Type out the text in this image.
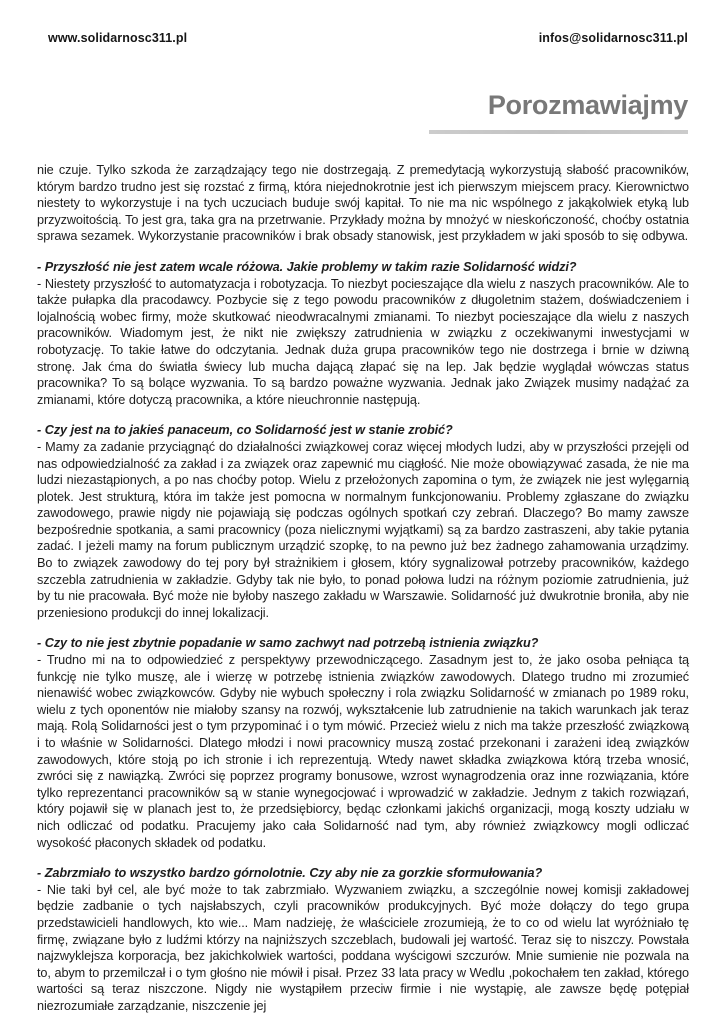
www.solidarnosc311.pl	infos@solidarnosc311.pl
Porozmawiajmy

nie czuje. Tylko szkoda że zarządzający tego nie dostrzegają. Z premedytacją wykorzystują słabość pracowników, którym bardzo trudno jest się rozstać z firmą, która niejednokrotnie jest ich pierwszym miejscem pracy. Kierownictwo niestety to wykorzystuje i na tych uczuciach buduje swój kapitał. To nie ma nic wspólnego z jakąkolwiek etyką lub przyzwoitością. To jest gra, taka gra na przetrwanie. Przykłady można by mnożyć w nieskończoność, choćby ostatnia sprawa sezamek. Wykorzystanie pracowników i brak obsady stanowisk, jest przykładem w jaki sposób to się odbywa.

- Przyszłość nie jest zatem wcale różowa. Jakie problemy w takim razie Solidarność widzi?

- Niestety przyszłość to automatyzacja i robotyzacja. To niezbyt pocieszające dla wielu z naszych pracowników. Ale to także pułapka dla pracodawcy. Pozbycie się z tego powodu pracowników z długoletnim stażem, doświadczeniem i lojalnością wobec firmy, może skutkować nieodwracalnymi zmianami. To niezbyt pocieszające dla wielu z naszych pracowników. Wiadomym jest, że nikt nie zwiększy zatrudnienia w związku z oczekiwanymi inwestycjami w robotyzację. To takie łatwe do odczytania. Jednak duża grupa pracowników tego nie dostrzega i brnie w dziwną stronę. Jak ćma do światła świecy lub mucha dającą złapać się na lep. Jak będzie wyglądał wówczas status pracownika? To są bolące wyzwania. To są bardzo poważne wyzwania. Jednak jako Związek musimy nadążać za zmianami, które dotyczą pracownika, a które nieuchronnie następują.

- Czy jest na to jakieś panaceum, co Solidarność jest w stanie zrobić?

- Mamy za zadanie przyciągnąć do działalności związkowej coraz więcej młodych ludzi, aby w przyszłości przejęli od nas odpowiedzialność za zakład i za związek oraz zapewnić mu ciągłość. Nie może obowiązywać zasada, że nie ma ludzi niezastąpionych, a po nas choćby potop. Wielu z przełożonych zapomina o tym, że związek nie jest wylęgarnią plotek. Jest strukturą, która im także jest pomocna w normalnym funkcjonowaniu. Problemy zgłaszane do związku zawodowego, prawie nigdy nie pojawiają się podczas ogólnych spotkań czy zebrań. Dlaczego? Bo mamy zawsze bezpośrednie spotkania, a sami pracownicy (poza nielicznymi wyjątkami) są za bardzo zastraszeni, aby takie pytania zadać. I jeżeli mamy na forum publicznym urządzić szopkę, to na pewno już bez żadnego zahamowania urządzimy. Bo to związek zawodowy do tej pory był strażnikiem i głosem, który sygnalizował potrzeby pracowników, każdego szczebla zatrudnienia w zakładzie. Gdyby tak nie było, to ponad połowa ludzi na różnym poziomie zatrudnienia, już by tu nie pracowała. Być może nie byłoby naszego zakładu w Warszawie. Solidarność już dwukrotnie broniła, aby nie przeniesiono produkcji do innej lokalizacji.

- Czy to nie jest zbytnie popadanie w samo zachwyt nad potrzebą istnienia związku?

- Trudno mi na to odpowiedzieć z perspektywy przewodniczącego. Zasadnym jest to, że jako osoba pełniąca tą funkcję nie tylko muszę, ale i wierzę w potrzebę istnienia związków zawodowych. Dlatego trudno mi zrozumieć nienawiść wobec związkowców. Gdyby nie wybuch społeczny i rola związku Solidarność w zmianach po 1989 roku, wielu z tych oponentów nie miałoby szansy na rozwój, wykształcenie lub zatrudnienie na takich warunkach jak teraz mają. Rolą Solidarności jest o tym przypominać i o tym mówić. Przecież wielu z nich ma także przeszłość związkową i to właśnie w Solidarności. Dlatego młodzi i nowi pracownicy muszą zostać przekonani i zarażeni ideą związków zawodowych, które stoją po ich stronie i ich reprezentują. Wtedy nawet składka związkowa którą trzeba wnosić, zwróci się z nawiązką. Zwróci się poprzez programy bonusowe, wzrost wynagrodzenia oraz inne rozwiązania, które tylko reprezentanci pracowników są w stanie wynegocjować i wprowadzić w zakładzie. Jednym z takich rozwiązań, który pojawił się w planach jest to, że przedsiębiorcy, będąc członkami jakichś organizacji, mogą koszty udziału w nich odliczać od podatku. Pracujemy jako cała Solidarność nad tym, aby również związkowcy mogli odliczać wysokość płaconych składek od podatku.

- Zabrzmiało to wszystko bardzo górnolotnie. Czy aby nie za gorzkie sformułowania?

- Nie taki był cel, ale być może to tak zabrzmiało. Wyzwaniem związku, a szczególnie nowej komisji zakładowej będzie zadbanie o tych najsłabszych, czyli pracowników produkcyjnych. Być może dołączy do tego grupa przedstawicieli handlowych, kto wie... Mam nadzieję, że właściciele zrozumieją, że to co od wielu lat wyróżniało tę firmę, związane było z ludźmi którzy na najniższych szczeblach, budowali jej wartość. Teraz się to niszczy. Powstała najzwyklejsza korporacja, bez jakichkolwiek wartości, poddana wyścigowi szczurów. Mnie sumienie nie pozwala na to, abym to przemilczał i o tym głośno nie mówił i pisał. Przez 33 lata pracy w Wedlu ,pokochałem ten zakład, którego wartości są teraz niszczone. Nigdy nie wystąpiłem przeciw firmie i nie wystąpię, ale zawsze będę potępiał niezrozumiałe zarządzanie, niszczenie jej
